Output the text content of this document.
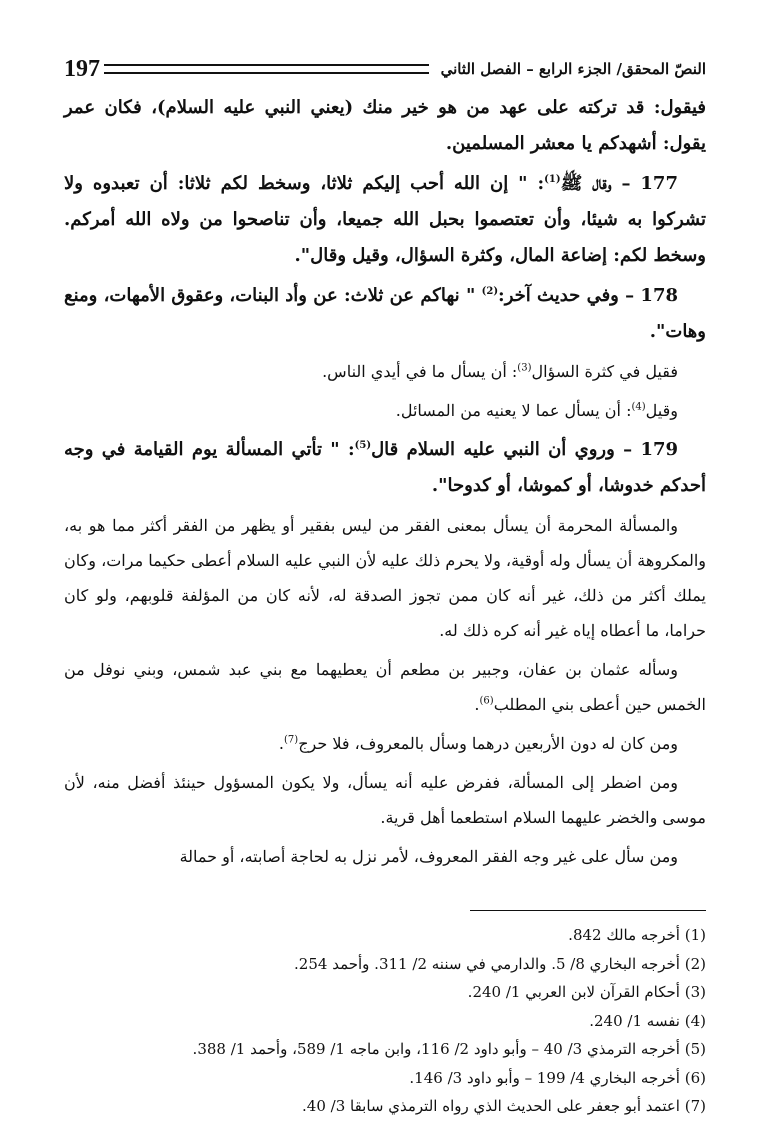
النصّ المحقق/ الجزء الرابع – الفصل الثاني
197

فيقول: قد تركته على عهد من هو خير منك (يعني النبي عليه السلام)، فكان عمر يقول: أشهدكم يا معشر المسلمين.

177 – وقال ﷺ$^{(1)}$: " إن الله أحب إليكم ثلاثا، وسخط لكم ثلاثا: أن تعبدوه ولا تشركوا به شيئا، وأن تعتصموا بحبل الله جميعا، وأن تناصحوا من ولاه الله أمركم. وسخط لكم: إضاعة المال، وكثرة السؤال، وقيل وقال".

178 – وفي حديث آخر:$^{(2)}$ " نهاكم عن ثلاث: عن وأد البنات، وعقوق الأمهات، ومنع وهات".

فقيل في كثرة السؤال$^{(3)}$: أن يسأل ما في أيدي الناس.

وقيل$^{(4)}$: أن يسأل عما لا يعنيه من المسائل.

179 – وروي أن النبي عليه السلام قال$^{(5)}$: " تأتي المسألة يوم القيامة في وجه أحدكم خدوشا، أو كموشا، أو كدوحا".

والمسألة المحرمة أن يسأل بمعنى الفقر من ليس بفقير أو يظهر من الفقر أكثر مما هو به، والمكروهة أن يسأل وله أوقية، ولا يحرم ذلك عليه لأن النبي عليه السلام أعطى حكيما مرات، وكان يملك أكثر من ذلك، غير أنه كان ممن تجوز الصدقة له، لأنه كان من المؤلفة قلوبهم، ولو كان حراما، ما أعطاه إياه غير أنه كره ذلك له.

وسأله عثمان بن عفان، وجبير بن مطعم أن يعطيهما مع بني عبد شمس، وبني نوفل من الخمس حين أعطى بني المطلب$^{(6)}$.

ومن كان له دون الأربعين درهما وسأل بالمعروف، فلا حرج$^{(7)}$.

ومن اضطر إلى المسألة، ففرض عليه أنه يسأل، ولا يكون المسؤول حينئذ أفضل منه، لأن موسى والخضر عليهما السلام استطعما أهل قرية.

ومن سأل على غير وجه الفقر المعروف، لأمر نزل به لحاجة أصابته، أو حمالة

(1) أخرجه مالك 842.
(2) أخرجه البخاري 8/ 5. والدارمي في سننه 2/ 311. وأحمد 254.
(3) أحكام القرآن لابن العربي 1/ 240.
(4) نفسه 1/ 240.
(5) أخرجه الترمذي 3/ 40 – وأبو داود 2/ 116، وابن ماجه 1/ 589، وأحمد 1/ 388.
(6) أخرجه البخاري 4/ 199 – وأبو داود 3/ 146.
(7) اعتمد أبو جعفر على الحديث الذي رواه الترمذي سابقا 3/ 40.
